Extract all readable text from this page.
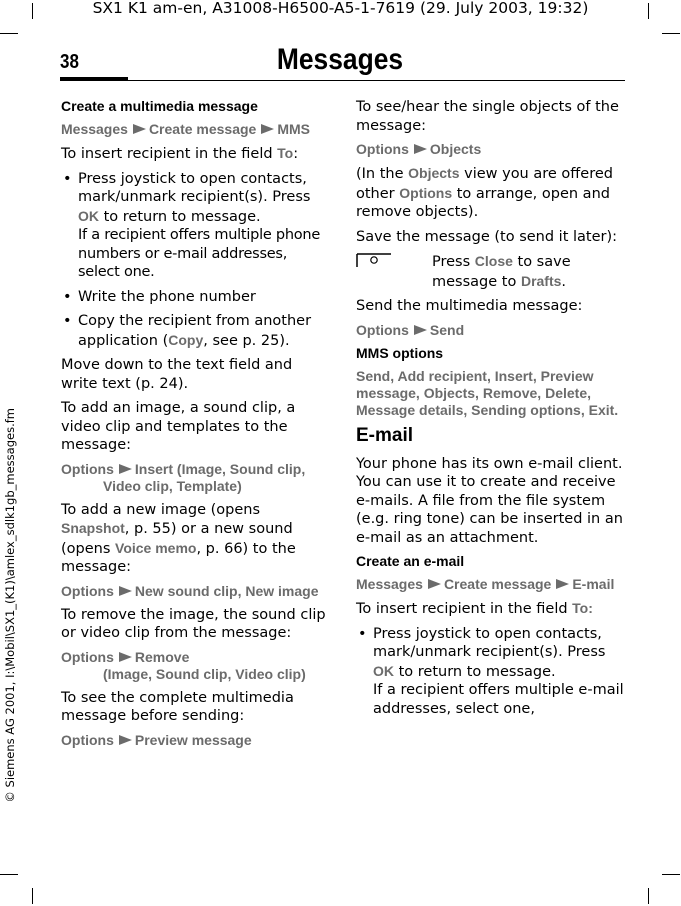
SX1 K1 am-en, A31008-H6500-A5-1-7619 (29. July 2003, 19:32)
© Siemens AG 2001, I:\Mobil\SX1_(K1)\amlex_sdlk1gb_messages.fm
38	Messages
Create a multimedia message
Messages Create message MMS

To insert recipient in the field To:

• Press joystick to open contacts, mark/unmark recipient(s). Press OK to return to message.
If a recipient offers multiple phone numbers or e-mail addresses, select one.
• Write the phone number
• Copy the recipient from another application (Copy, see p. 25).

Move down to the text field and write text (p. 24).

To add an image, a sound clip, a video clip and templates to the message:

Options Insert (Image, Sound clip,
Video clip, Template)

To add a new image (opens Snapshot, p. 55) or a new sound (opens Voice memo, p. 66) to the message:

Options New sound clip, New image

To remove the image, the sound clip or video clip from the message:

Options Remove
(Image, Sound clip, Video clip)

To see the complete multimedia message before sending:

Options Preview message

To see/hear the single objects of the message:

Options Objects

(In the Objects view you are offered other Options to arrange, open and remove objects).

Save the message (to send it later):

Press Close to save message to Drafts.

Send the multimedia message:

Options Send
MMS options
Send, Add recipient, Insert, Preview message, Objects, Remove, Delete, Message details, Sending options, Exit.
E-mail

Your phone has its own e-mail client. You can use it to create and receive e-mails. A file from the file system (e.g. ring tone) can be inserted in an e-mail as an attachment.

Create an e-mail
Messages Create message E-mail

To insert recipient in the field To:

• Press joystick to open contacts, mark/unmark recipient(s). Press OK to return to message.
If a recipient offers multiple e-mail addresses, select one,
